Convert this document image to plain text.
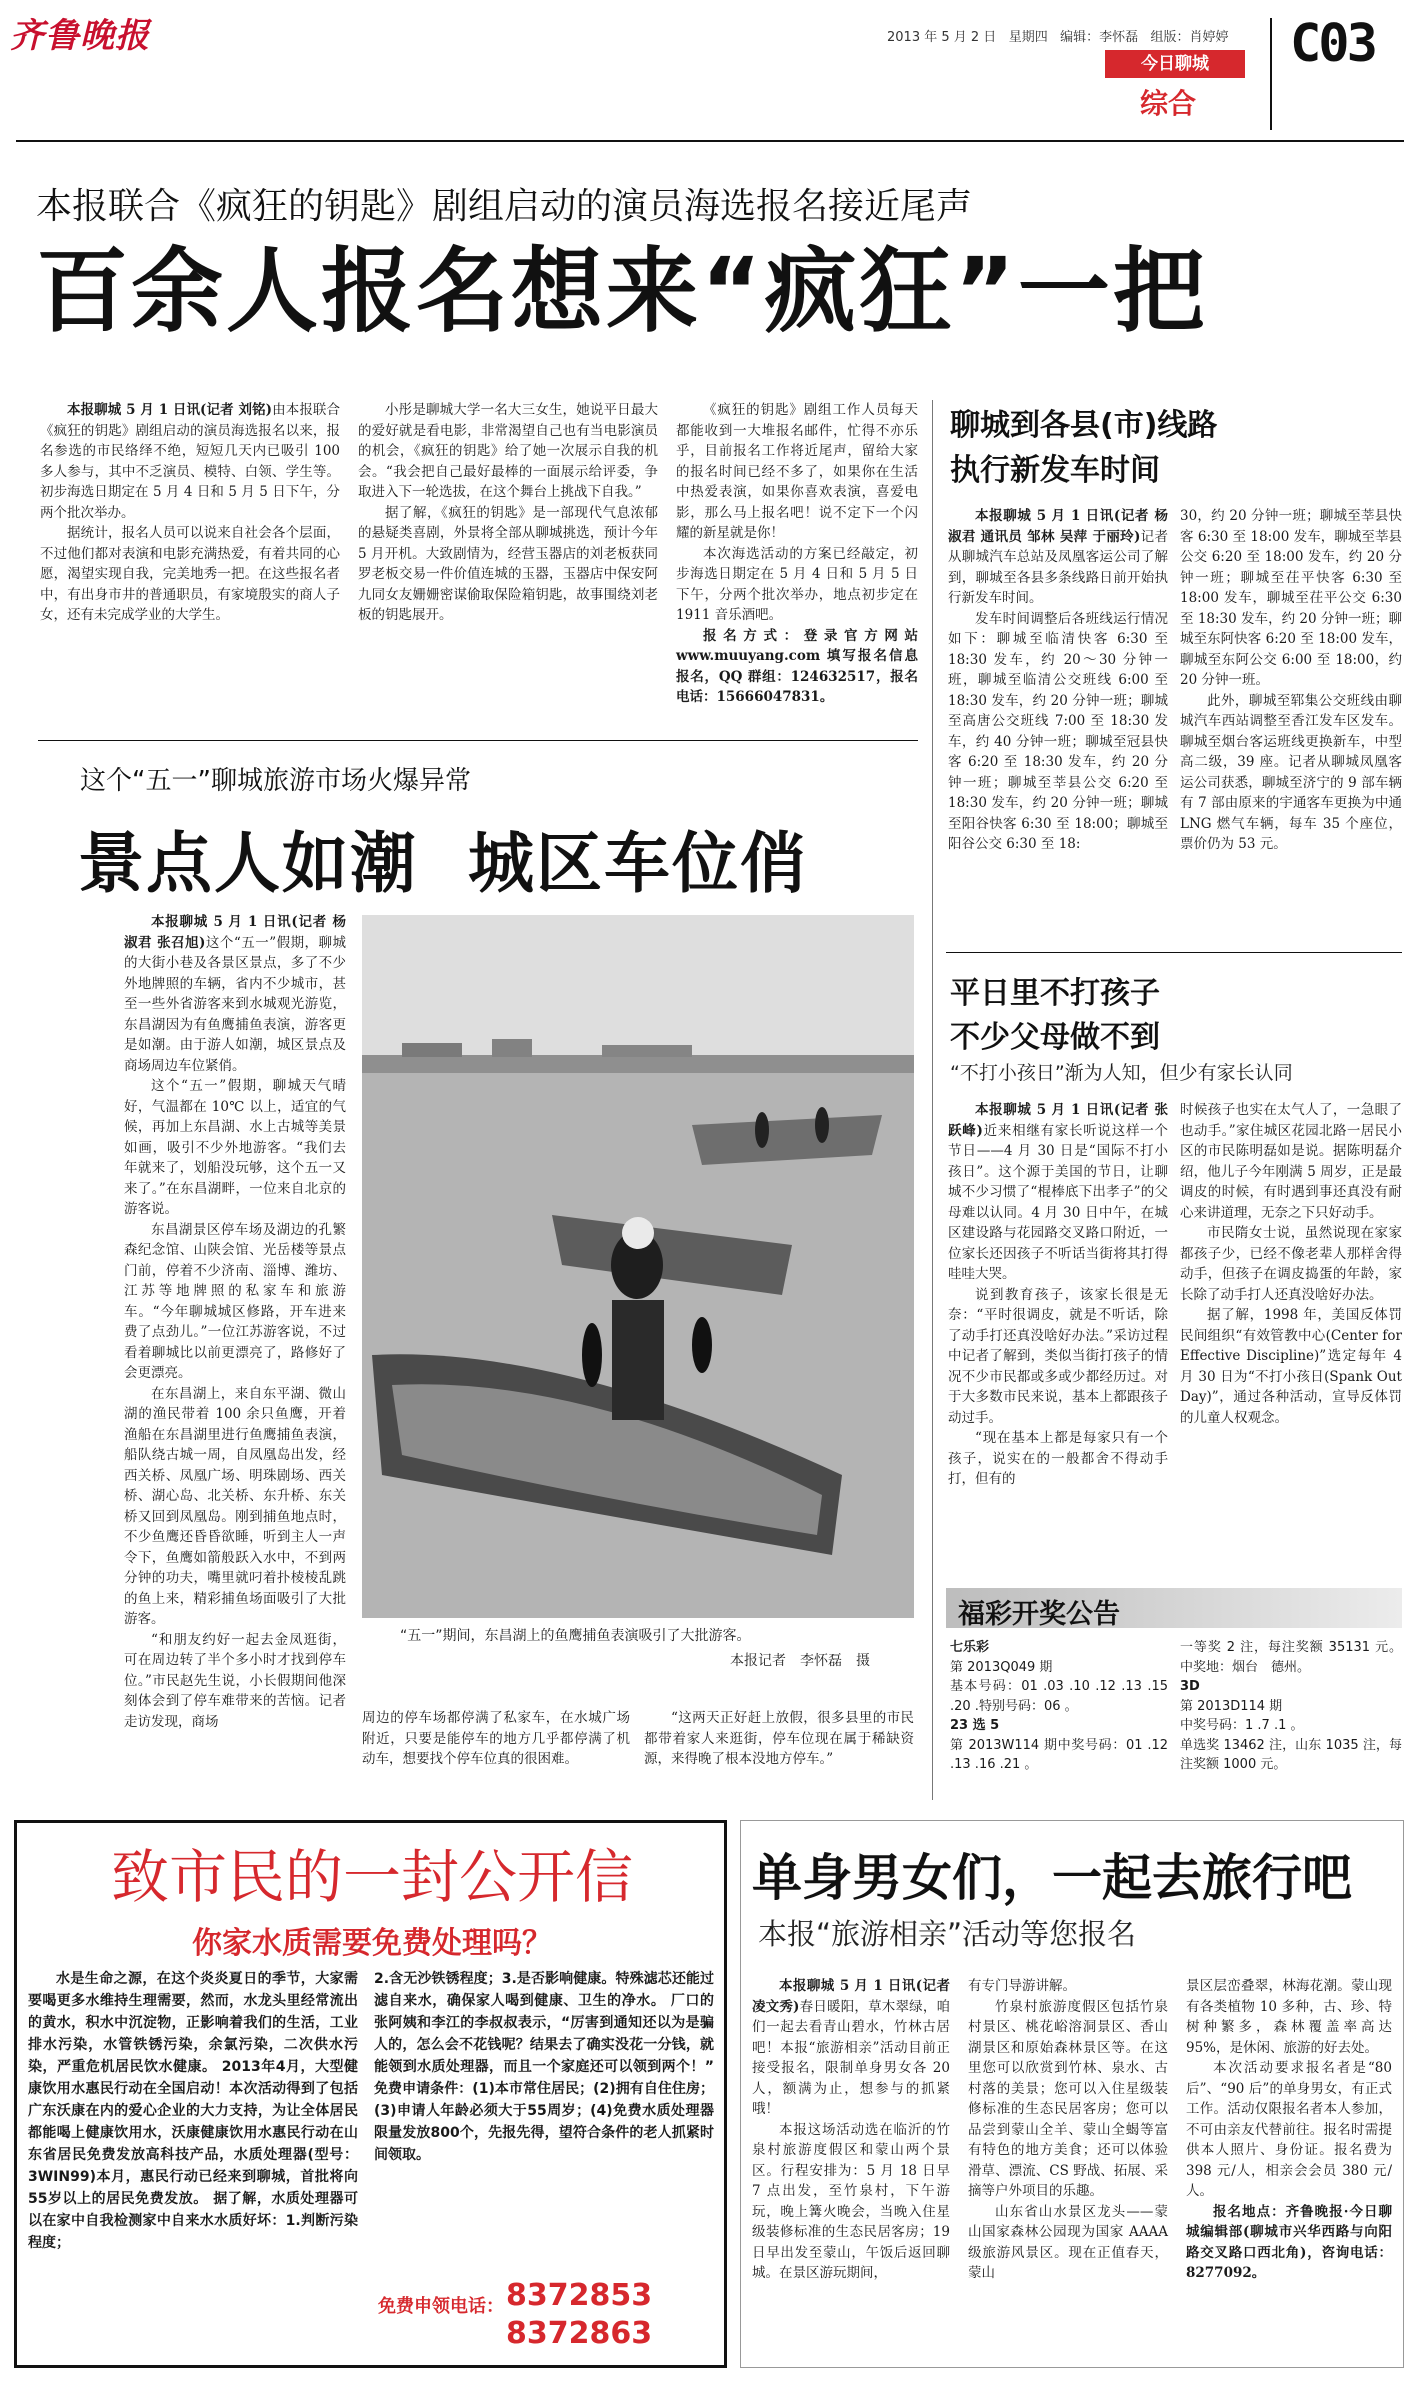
齐鲁晚报	2013 年 5 月 2 日 星期四 编辑：李怀磊 组版：肖婷婷
今日聊城
综合
C03
本报联合《疯狂的钥匙》剧组启动的演员海选报名接近尾声
百余人报名想来“疯狂”一把

本报聊城 5 月 1 日讯(记者 刘铭)由本报联合《疯狂的钥匙》剧组启动的演员海选报名以来，报名参选的市民络绎不绝，短短几天内已吸引 100 多人参与，其中不乏演员、模特、白领、学生等。初步海选日期定在 5 月 4 日和 5 月 5 日下午，分两个批次举办。

据统计，报名人员可以说来自社会各个层面，不过他们都对表演和电影充满热爱，有着共同的心愿，渴望实现自我，完美地秀一把。在这些报名者中，有出身市井的普通职员，有家境殷实的商人子女，还有未完成学业的大学生。

小彤是聊城大学一名大三女生，她说平日最大的爱好就是看电影，非常渴望自己也有当电影演员的机会，《疯狂的钥匙》给了她一次展示自我的机会。“我会把自己最好最棒的一面展示给评委，争取进入下一轮选拔，在这个舞台上挑战下自我。”

据了解，《疯狂的钥匙》是一部现代气息浓郁的悬疑类喜剧，外景将全部从聊城挑选，预计今年 5 月开机。大致剧情为，经营玉器店的刘老板获同罗老板交易一件价值连城的玉器，玉器店中保安阿九同女友姗姗密谋偷取保险箱钥匙，故事围绕刘老板的钥匙展开。

《疯狂的钥匙》剧组工作人员每天都能收到一大堆报名邮件，忙得不亦乐乎，目前报名工作将近尾声，留给大家的报名时间已经不多了，如果你在生活中热爱表演，如果你喜欢表演，喜爱电影，那么马上报名吧！说不定下一个闪耀的新星就是你！

本次海选活动的方案已经敲定，初步海选日期定在 5 月 4 日和 5 月 5 日下午，分两个批次举办，地点初步定在 1911 音乐酒吧。

报名方式：登录官方网站 www.muuyang.com 填写报名信息报名，QQ 群组：124632517，报名电话：15666047831。

这个“五一”聊城旅游市场火爆异常
景点人如潮  城区车位俏

本报聊城 5 月 1 日讯(记者 杨淑君 张召旭)这个“五一”假期，聊城的大街小巷及各景区景点，多了不少外地牌照的车辆，省内不少城市，甚至一些外省游客来到水城观光游览，东昌湖因为有鱼鹰捕鱼表演，游客更是如潮。由于游人如潮，城区景点及商场周边车位紧俏。

这个“五一”假期，聊城天气晴好，气温都在 10℃ 以上，适宜的气候，再加上东昌湖、水上古城等美景如画，吸引不少外地游客。“我们去年就来了，划船没玩够，这个五一又来了。”在东昌湖畔，一位来自北京的游客说。

东昌湖景区停车场及湖边的孔繁森纪念馆、山陕会馆、光岳楼等景点门前，停着不少济南、淄博、潍坊、江苏等地牌照的私家车和旅游车。“今年聊城城区修路，开车进来费了点劲儿。”一位江苏游客说，不过看着聊城比以前更漂亮了，路修好了会更漂亮。

在东昌湖上，来自东平湖、微山湖的渔民带着 100 余只鱼鹰，开着渔船在东昌湖里进行鱼鹰捕鱼表演，船队绕古城一周，自凤凰岛出发，经西关桥、凤凰广场、明珠剧场、西关桥、湖心岛、北关桥、东升桥、东关桥又回到凤凰岛。刚到捕鱼地点时，不少鱼鹰还昏昏欲睡，听到主人一声令下，鱼鹰如箭般跃入水中，不到两分钟的功夫，嘴里就叼着扑棱棱乱跳的鱼上来，精彩捕鱼场面吸引了大批游客。

“和朋友约好一起去金凤逛街，可在周边转了半个多小时才找到停车位。”市民赵先生说，小长假期间他深刻体会到了停车难带来的苦恼。记者走访发现，商场

“五一”期间，东昌湖上的鱼鹰捕鱼表演吸引了大批游客。
本报记者　李怀磊　摄

周边的停车场都停满了私家车，在水城广场附近，只要是能停车的地方几乎都停满了机动车，想要找个停车位真的很困难。

“这两天正好赶上放假，很多县里的市民都带着家人来逛街，停车位现在属于稀缺资源，来得晚了根本没地方停车。”

聊城到各县(市)线路
执行新发车时间

本报聊城 5 月 1 日讯(记者 杨淑君 通讯员 邹林 吴萍 于丽玲)记者从聊城汽车总站及凤凰客运公司了解到，聊城至各县多条线路日前开始执行新发车时间。

发车时间调整后各班线运行情况如下：聊城至临清快客 6:30 至 18:30 发车，约 20～30 分钟一班，聊城至临清公交班线 6:00 至 18:30 发车，约 20 分钟一班；聊城至高唐公交班线 7:00 至 18:30 发车，约 40 分钟一班；聊城至冠县快客 6:20 至 18:30 发车，约 20 分钟一班；聊城至莘县公交 6:20 至 18:30 发车，约 20 分钟一班；聊城至阳谷快客 6:30 至 18:00；聊城至阳谷公交 6:30 至 18:

30，约 20 分钟一班；聊城至莘县快客 6:30 至 18:00 发车，聊城至莘县公交 6:20 至 18:00 发车，约 20 分钟一班；聊城至茌平快客 6:30 至 18:00 发车，聊城至茌平公交 6:30 至 18:30 发车，约 20 分钟一班；聊城至东阿快客 6:20 至 18:00 发车，聊城至东阿公交 6:00 至 18:00，约 20 分钟一班。

此外，聊城至郓集公交班线由聊城汽车西站调整至香江发车区发车。聊城至烟台客运班线更换新车，中型高二级，39 座。记者从聊城凤凰客运公司获悉，聊城至济宁的 9 部车辆有 7 部由原来的宇通客车更换为中通 LNG 燃气车辆，每车 35 个座位，票价仍为 53 元。

平日里不打孩子
不少父母做不到
“不打小孩日”渐为人知，但少有家长认同

本报聊城 5 月 1 日讯(记者 张跃峰)近来相继有家长听说这样一个节日——4 月 30 日是“国际不打小孩日”。这个源于美国的节日，让聊城不少习惯了“棍棒底下出孝子”的父母难以认同。4 月 30 日中午，在城区建设路与花园路交叉路口附近，一位家长还因孩子不听话当街将其打得哇哇大哭。

说到教育孩子，该家长很是无奈：“平时很调皮，就是不听话，除了动手打还真没啥好办法。”采访过程中记者了解到，类似当街打孩子的情况不少市民都或多或少都经历过。对于大多数市民来说，基本上都跟孩子动过手。

“现在基本上都是每家只有一个孩子，说实在的一般都舍不得动手打，但有的

时候孩子也实在太气人了，一急眼了也动手。”家住城区花园北路一居民小区的市民陈明磊如是说。据陈明磊介绍，他儿子今年刚满 5 周岁，正是最调皮的时候，有时遇到事还真没有耐心来讲道理，无奈之下只好动手。

市民隋女士说，虽然说现在家家都孩子少，已经不像老辈人那样舍得动手，但孩子在调皮捣蛋的年龄，家长除了动手打人还真没啥好办法。

据了解，1998 年，美国反体罚民间组织“有效管教中心(Center for Effective Discipline)”选定每年 4 月 30 日为“不打小孩日(Spank Out Day)”，通过各种活动，宣导反体罚的儿童人权观念。

福彩开奖公告
七乐彩
第 2013Q049 期
基本号码：01 .03 .10 .12 .13 .15 .20 .特别号码：06 。
23 选 5
第 2013W114 期中奖号码：01 .12 .13 .16 .21 。
一等奖 2 注，每注奖额 35131 元。中奖地：烟台　德州。
3D
第 2013D114 期
中奖号码：1 .7 .1 。
单选奖 13462 注，山东 1035 注，每注奖额 1000 元。
致市民的一封公开信
你家水质需要免费处理吗？

水是生命之源，在这个炎炎夏日的季节，大家需要喝更多水维持生理需要，然而，水龙头里经常流出的黄水，积水中沉淀物，正影响着我们的生活，工业排水污染，水管铁锈污染，余氯污染，二次供水污染，严重危机居民饮水健康。 2013年4月，大型健康饮用水惠民行动在全国启动！本次活动得到了包括广东沃康在内的爱心企业的大力支持，为让全体居民都能喝上健康饮用水，沃康健康饮用水惠民行动在山东省居民免费发放高科技产品，水质处理器(型号：3WIN99)本月，惠民行动已经来到聊城，首批将向55岁以上的居民免费发放。 据了解，水质处理器可以在家中自我检测家中自来水水质好坏：1.判断污染程度；

2.含无沙铁锈程度；3.是否影响健康。特殊滤芯还能过滤自来水，确保家人喝到健康、卫生的净水。 厂口的张阿姨和李江的李叔叔表示，“厉害到通知还以为是骗人的，怎么会不花钱呢？结果去了确实没花一分钱，就能领到水质处理器，而且一个家庭还可以领到两个！” 免费申请条件：(1)本市常住居民；(2)拥有自住住房；(3)申请人年龄必须大于55周岁；(4)免费水质处理器限量发放800个，先报先得，望符合条件的老人抓紧时间领取。

免费申领电话： 8372853
8372863
单身男女们，一起去旅行吧
本报“旅游相亲”活动等您报名

本报聊城 5 月 1 日讯(记者 凌文秀)春日暖阳，草木翠绿，咱们一起去看青山碧水，竹林古居吧！本报“旅游相亲”活动目前正接受报名，限制单身男女各 20 人，额满为止，想参与的抓紧哦！

本报这场活动选在临沂的竹泉村旅游度假区和蒙山两个景区。行程安排为：5 月 18 日早 7 点出发，至竹泉村，下午游玩，晚上篝火晚会，当晚入住星级装修标准的生态民居客房；19 日早出发至蒙山，午饭后返回聊城。在景区游玩期间，

有专门导游讲解。

竹泉村旅游度假区包括竹泉村景区、桃花峪溶洞景区、香山湖景区和原始森林景区等。在这里您可以欣赏到竹林、泉水、古村落的美景；您可以入住星级装修标准的生态民居客房；您可以品尝到蒙山全羊、蒙山全蝎等富有特色的地方美食；还可以体验滑草、漂流、CS 野战、拓展、采摘等户外项目的乐趣。

山东省山水景区龙头——蒙山国家森林公园现为国家 AAAA 级旅游风景区。现在正值春天，蒙山

景区层峦叠翠，林海花潮。蒙山现有各类植物 10 多种，古、珍、特树种繁多，森林覆盖率高达 95%，是休闲、旅游的好去处。

本次活动要求报名者是“80 后”、“90 后”的单身男女，有正式工作。活动仅限报名者本人参加，不可由亲友代替前往。报名时需提供本人照片、身份证。报名费为 398 元/人，相亲会会员 380 元/人。

报名地点：齐鲁晚报·今日聊城编辑部(聊城市兴华西路与向阳路交叉路口西北角)，咨询电话：8277092。
